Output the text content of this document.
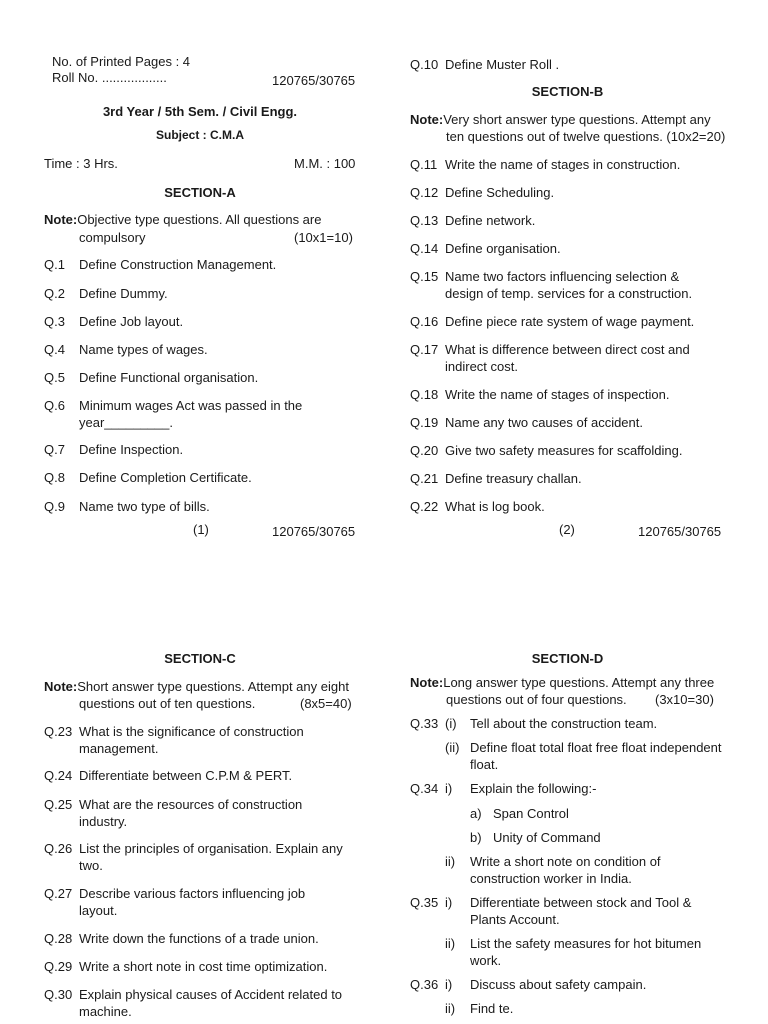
No. of Printed Pages : 4
Roll No. ..................	120765/30765
3rd Year / 5th Sem. / Civil Engg.
Subject : C.M.A
Time : 3 Hrs.	M.M. : 100
SECTION-A
Note:Objective type questions. All questions are
compulsory	(10x1=10)
Q.1 Define Construction Management.
Q.2 Define Dummy.
Q.3 Define Job layout.
Q.4 Name types of wages.
Q.5 Define Functional organisation.
Q.6 Minimum wages Act was passed in the
year_________.
Q.7 Define Inspection.
Q.8 Define Completion Certificate.
Q.9 Name two type of bills.
(1)	120765/30765
Q.10 Define Muster Roll .
SECTION-B
Note:Very short answer type questions. Attempt any
ten questions out of twelve questions. (10x2=20)
Q.11 Write the name of stages in construction.
Q.12 Define Scheduling.
Q.13 Define network.
Q.14 Define organisation.
Q.15 Name two factors influencing selection &
design of temp. services for a construction.
Q.16 Define piece rate system of wage payment.
Q.17 What is difference between direct cost and
indirect cost.
Q.18 Write the name of stages of inspection.
Q.19 Name any two causes of accident.
Q.20 Give two safety measures for scaffolding.
Q.21 Define treasury challan.
Q.22 What is log book.
(2)	120765/30765
SECTION-C
Note:Short answer type questions. Attempt any eight
questions out of ten questions.	(8x5=40)
Q.23 What is the significance of construction
management.
Q.24 Differentiate between C.P.M & PERT.
Q.25 What are the resources of construction
industry.
Q.26 List the principles of organisation. Explain any
two.
Q.27 Describe various factors influencing job
layout.
Q.28 Write down the functions of a trade union.
Q.29 Write a short note in cost time optimization.
Q.30 Explain physical causes of Accident related to
machine.
SECTION-D
Note:Long answer type questions. Attempt any three
questions out of four questions. (3x10=30)
Q.33 (i) Tell about the construction team.
(ii) Define float total float free float independent
float.
Q.34 i) Explain the following:-
a) Span Control
b) Unity of Command
ii) Write a short note on condition of
construction worker in India.
Q.35 i) Differentiate between stock and Tool &
Plants Account.
ii) List the safety measures for hot bitumen
work.
Q.36 i) Discuss about safety campain.
ii) Find te.
